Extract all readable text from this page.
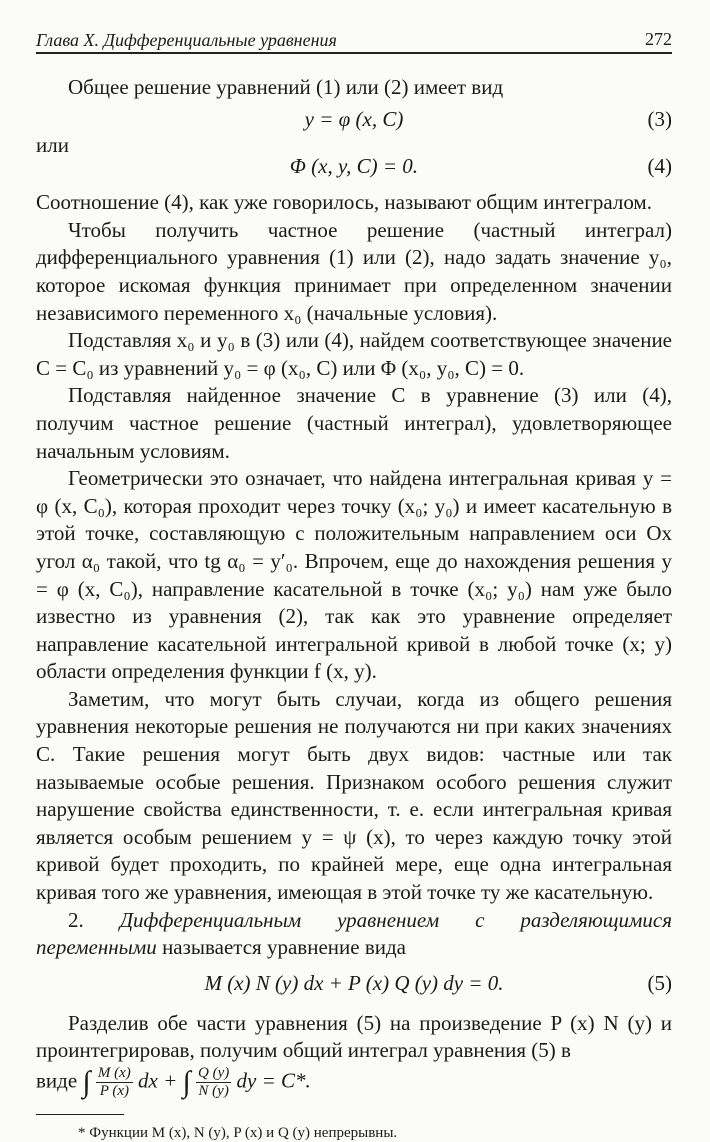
Глава X. Дифференциальные уравнения	272

Общее решение уравнений (1) или (2) имеет вид

y = φ (x, C)	(3)

или

Φ (x, y, C) = 0.	(4)

Соотношение (4), как уже говорилось, называют общим интегралом.

Чтобы получить частное решение (частный интеграл) дифференциального уравнения (1) или (2), надо задать значение y₀, которое искомая функция принимает при определенном значении независимого переменного x₀ (начальные условия).

Подставляя x₀ и y₀ в (3) или (4), найдем соответствующее значение C = C₀ из уравнений y₀ = φ (x₀, C) или Φ (x₀, y₀, C) = 0.

Подставляя найденное значение C в уравнение (3) или (4), получим частное решение (частный интеграл), удовлетворяющее начальным условиям.

Геометрически это означает, что найдена интегральная кривая y = φ (x, C₀), которая проходит через точку (x₀; y₀) и имеет касательную в этой точке, составляющую с положительным направлением оси Ox угол α₀ такой, что tg α₀ = y′₀. Впрочем, еще до нахождения решения y = φ (x, C₀), направление касательной в точке (x₀; y₀) нам уже было известно из уравнения (2), так как это уравнение определяет направление касательной интегральной кривой в любой точке (x; y) области определения функции f (x, y).

Заметим, что могут быть случаи, когда из общего решения уравнения некоторые решения не получаются ни при каких значениях C. Такие решения могут быть двух видов: частные или так называемые особые решения. Признаком особого решения служит нарушение свойства единственности, т. е. если интегральная кривая является особым решением y = ψ (x), то через каждую точку этой кривой будет проходить, по крайней мере, еще одна интегральная кривая того же уравнения, имеющая в этой точке ту же касательную.

2. Дифференциальным уравнением с разделяющимися переменными называется уравнение вида

M (x) N (y) dx + P (x) Q (y) dy = 0.	(5)

Разделив обе части уравнения (5) на произведение P (x) N (y) и проинтегрировав, получим общий интеграл уравнения (5) в

виде ∫ $\frac{M (x)}{P (x)}$ dx + ∫ $\frac{Q (y)}{N (y)}$ dy = C*.

* Функции M (x), N (y), P (x) и Q (y) непрерывны.
